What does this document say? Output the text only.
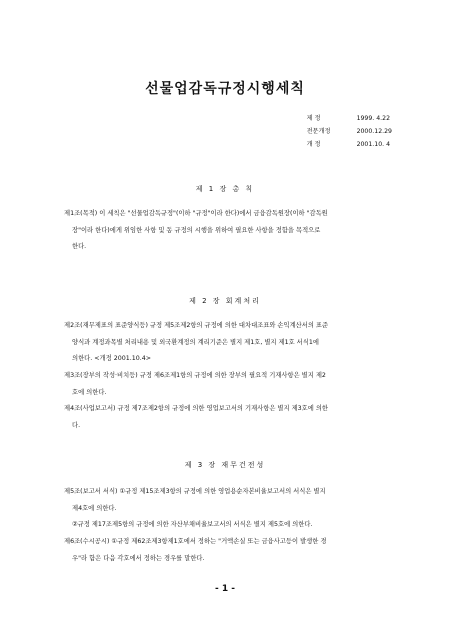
선물업감독규정시행세칙
제 정	1999. 4.22
전문개정	2000.12.29
개 정	2001.10. 4
제 1 장 총 칙
제1조(목적) 이 세칙은 "선물업감독규정"(이하 "규정"이라 한다)에서 금융감독원장(이하 "감독원
장"이라 한다)에게 위임한 사항 및 동 규정의 시행을 위하여 필요한 사항을 정함을 목적으로
한다.
제 2 장 회계처리
제2조(재무제표의 표준양식등) 규정 제5조제2항의 규정에 의한 대차대조표와 손익계산서의 표준
양식과 계정과목별 처리내용 및 외국환계정의 계리기준은 별지 제1호, 별지 제1호 서식1에
의한다. <개정 2001.10.4>
제3조(장부의 작성·비치등) 규정 제6조제1항의 규정에 의한 장부의 필요적 기재사항은 별지 제2
호에 의한다.
제4조(사업보고서) 규정 제7조제2항의 규정에 의한 영업보고서의 기재사항은 별지 제3호에 의한
다.
제 3 장 재무건전성
제5조(보고서 서식) ①규정 제15조제3항의 규정에 의한 영업용순자본비율보고서의 서식은 별지
제4호에 의한다.
②규정 제17조제5항의 규정에 의한 자산부채비율보고서의 서식은 별지 제5호에 의한다.
제6조(수시공시) ①규정 제62조제3항제1호에서 정하는 "거액손실 또는 금융사고등이 발생한 경
우"라 함은 다음 각호에서 정하는 경우를 말한다.
- 1 -
